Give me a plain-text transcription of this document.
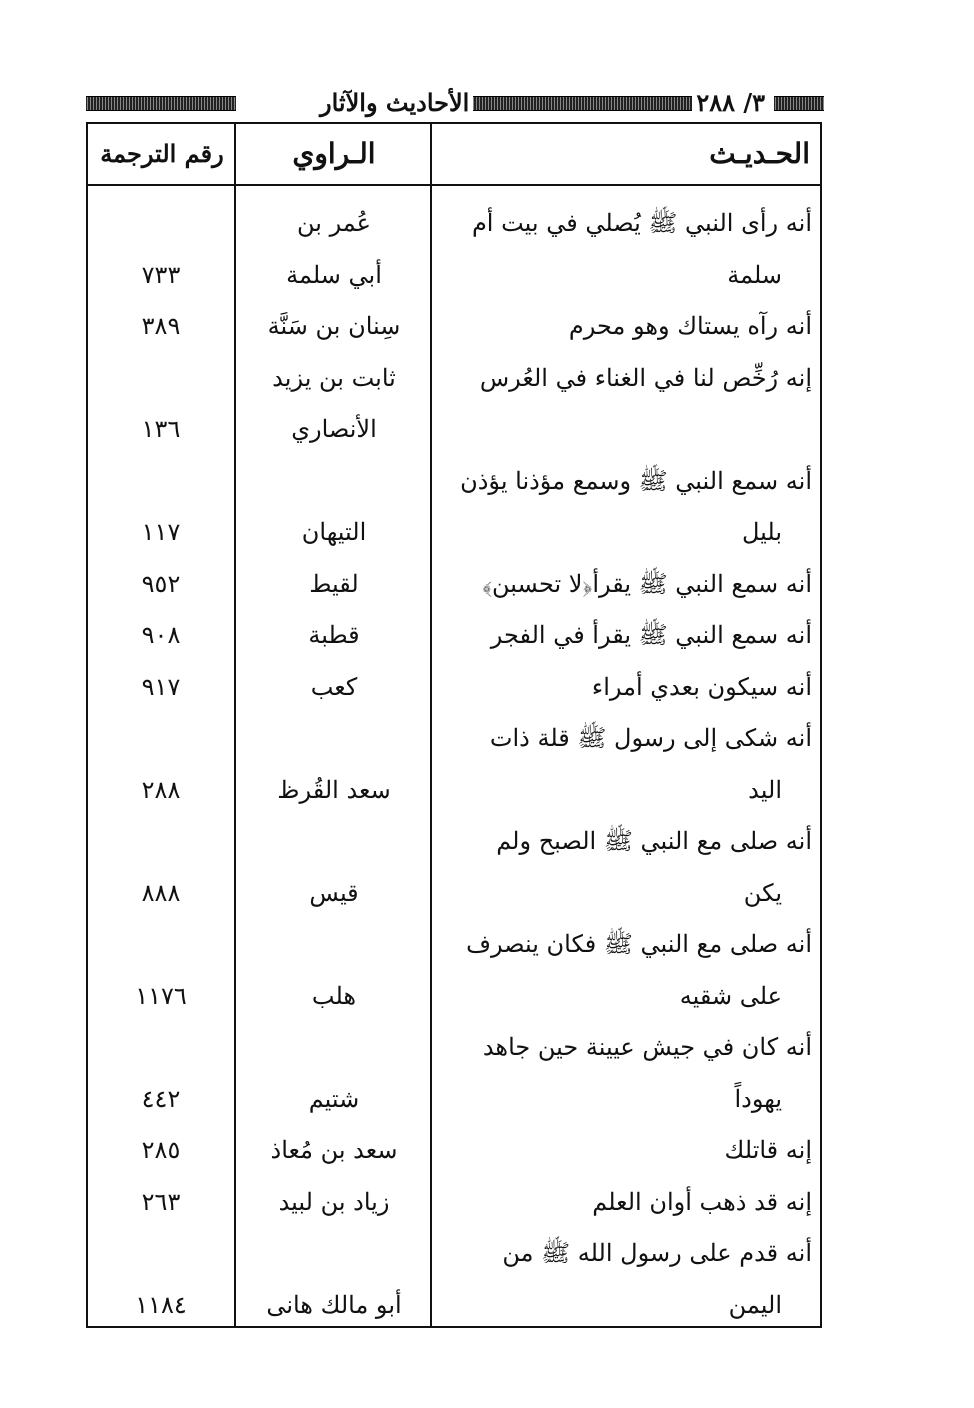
٣/ ٢٨٨
الأحاديث والآثار
الحـديـث
الـراوي
رقم الترجمة
أنه رأى النبي ﷺ يُصلي في بيت أم
عُمر بن
سلمة
أبي سلمة
٧٣٣
أنه رآه يستاك وهو محرم
سِنان بن سَنَّة
٣٨٩
إنه رُخِّص لنا في الغناء في العُرس
ثابت بن يزيد
الأنصاري
١٣٦
أنه سمع النبي ﷺ وسمع مؤذنا يؤذن
بليل
التيهان
١١٧
أنه سمع النبي ﷺ يقرأ﴿لا تحسبن﴾
لقيط
٩٥٢
أنه سمع النبي ﷺ يقرأ في الفجر
قطبة
٩٠٨
أنه سيكون بعدي أمراء
كعب
٩١٧
أنه شكى إلى رسول ﷺ قلة ذات
اليد
سعد القُرظ
٢٨٨
أنه صلى مع النبي ﷺ الصبح ولم
يكن
قيس
٨٨٨
أنه صلى مع النبي ﷺ فكان ينصرف
على شقيه
هلب
١١٧٦
أنه كان في جيش عيينة حين جاهد
يهوداً
شتيم
٤٤٢
إنه قاتلك
سعد بن مُعاذ
٢٨٥
إنه قد ذهب أوان العلم
زياد بن لبيد
٢٦٣
أنه قدم على رسول الله ﷺ من
اليمن
أبو مالك هانى
١١٨٤
